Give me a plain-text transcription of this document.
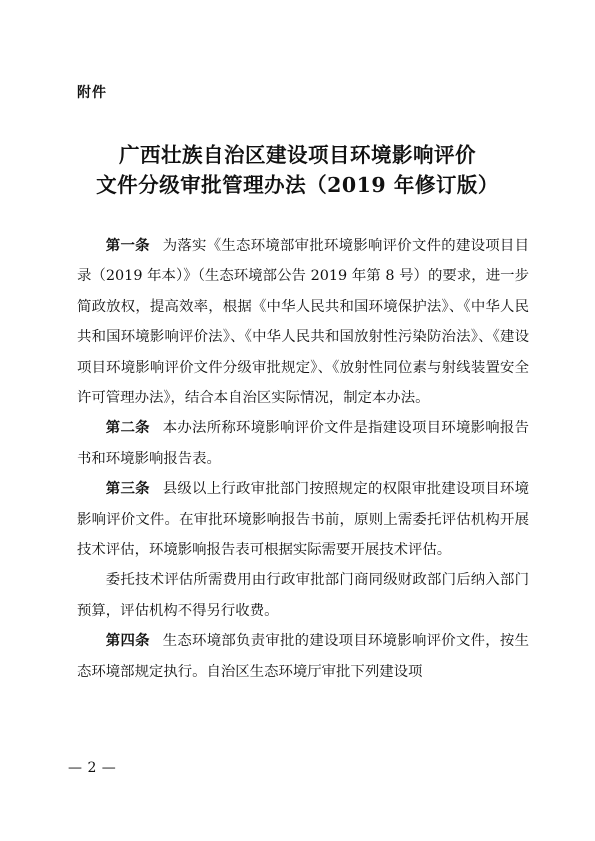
附件
广西壮族自治区建设项目环境影响评价
文件分级审批管理办法（2019 年修订版）

第一条 为落实《生态环境部审批环境影响评价文件的建设项目目录（2019 年本）》（生态环境部公告 2019 年第 8 号）的要求，进一步简政放权，提高效率，根据《中华人民共和国环境保护法》、《中华人民共和国环境影响评价法》、《中华人民共和国放射性污染防治法》、《建设项目环境影响评价文件分级审批规定》、《放射性同位素与射线装置安全许可管理办法》，结合本自治区实际情况，制定本办法。

第二条 本办法所称环境影响评价文件是指建设项目环境影响报告书和环境影响报告表。

第三条 县级以上行政审批部门按照规定的权限审批建设项目环境影响评价文件。在审批环境影响报告书前，原则上需委托评估机构开展技术评估，环境影响报告表可根据实际需要开展技术评估。

委托技术评估所需费用由行政审批部门商同级财政部门后纳入部门预算，评估机构不得另行收费。

第四条 生态环境部负责审批的建设项目环境影响评价文件，按生态环境部规定执行。自治区生态环境厅审批下列建设项

— 2 —
